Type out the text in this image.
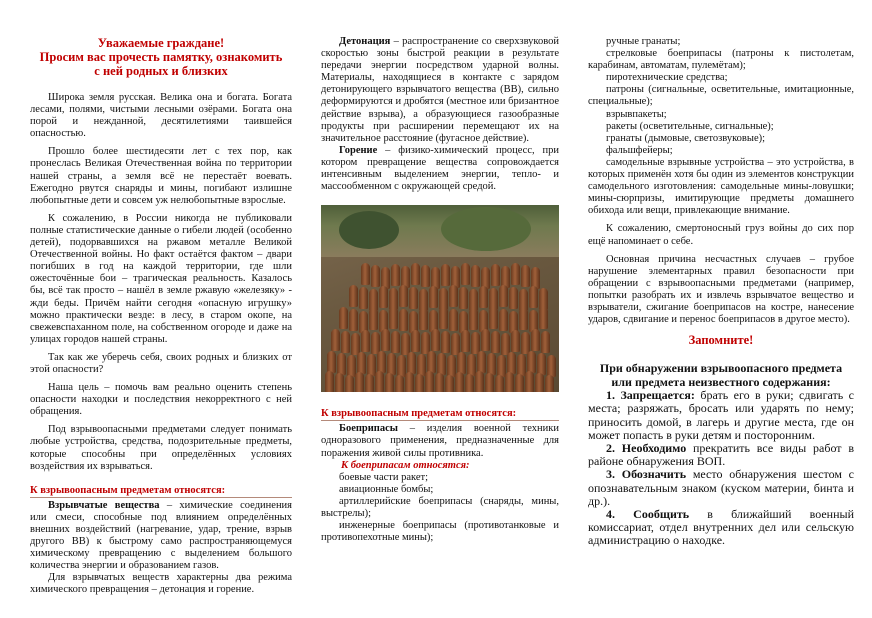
Уважаемые граждане!

Просим вас прочесть памятку, ознакомить

с ней родных и близких

Широка земля русская. Велика она и богата. Богата лесами, полями, чистыми лесными озёрами. Богата она порой и нежданной, десятилетиями таившейся опасностью.

Прошло более шестидесяти лет с тех пор, как пронеслась Великая Отечественная война по территории нашей страны, а земля всё не перестаёт воевать. Ежегодно рвутся снаряды и мины, погибают излишне любопытные дети и совсем уж нелюбопытные взрослые.

К сожалению, в России никогда не публиковали полные статистические данные о гибели людей (особенно детей), подорвавшихся на ржавом металле Великой Отечественной войны. Но факт остаётся фактом – двари погибших в год на каждой территории, где шли ожесточённые бои – трагическая реальность. Казалось бы, всё так просто – нашёл в земле ржавую «железяку» - жди беды. Причём найти сегодня «опасную игрушку» можно практически везде: в лесу, в старом окопе, на свежевспаханном поле, на собственном огороде и даже на улицах городов нашей страны.

Так как же уберечь себя, своих родных и близких от этой опасности?

Наша цель – помочь вам реально оценить степень опасности находки и последствия некорректного с ней обращения.

Под взрывоопасными предметами следует понимать любые устройства, средства, подозрительные предметы, которые способны при определённых условиях воздействия их взрываться.

К взрывоопасным предметам относятся:

Взрывчатые вещества – химические соединения или смеси, способные под влиянием определённых внешних воздействий (нагревание, удар, трение, взрыв другого ВВ) к быстрому само распространяющемуся химическому превращению с выделением большого количества энергии и образованием газов.

Для взрывчатых веществ характерны два режима химического превращения – детонация и горение.

Детонация – распространение со сверхзвуковой скоростью зоны быстрой реакции в результате передачи энергии посредством ударной волны. Материалы, находящиеся в контакте с зарядом детонирующего взрывчатого вещества (ВВ), сильно деформируются и дробятся (местное или бризантное действие взрыва), а образующиеся газообразные продукты при расширении перемещают их на значительное расстояние (фугасное действие).

Горение – физико-химический процесс, при котором превращение вещества сопровождается интенсивным выделением энергии, тепло- и массообменном с окружающей средой.

К взрывоопасным предметам относятся:

Боеприпасы – изделия военной техники одноразового применения, предназначенные для поражения живой силы противника.

К боеприпасам относятся:

боевые части ракет;

авиационные бомбы;

артиллерийские боеприпасы (снаряды, мины, выстрелы);

инженерные боеприпасы (противотанковые и противопехотные мины);

ручные гранаты;

стрелковые боеприпасы (патроны к пистолетам, карабинам, автоматам, пулемётам);

пиротехнические средства;

патроны (сигнальные, осветительные, имитационные, специальные);

взрывпакеты;

ракеты (осветительные, сигнальные);

гранаты (дымовые, светозвуковые);

фальшфейеры;

самодельные взрывные устройства – это устройства, в которых применён хотя бы один из элементов конструкции самодельного изготовления: самодельные мины-ловушки; мины-сюрпризы, имитирующие предметы домашнего обихода или вещи, привлекающие внимание.

К сожалению, смертоносный груз войны до сих пор ещё напоминает о себе.

Основная причина несчастных случаев – грубое нарушение элементарных правил безопасности при обращении с взрывоопасными предметами (например, попытки разобрать их и извлечь взрывчатое вещество и взрыватели, сжигание боеприпасов на костре, нанесение ударов, сдвигание и перенос боеприпасов в другое место).

Запомните!
При обнаружении взрывоопасного предмета
или предмета неизвестного содержания:

1. Запрещается: брать его в руки; сдвигать с места; разряжать, бросать или ударять по нему; приносить домой, в лагерь и другие места, где он может попасть в руки детям и посторонним.

2. Необходимо прекратить все виды работ в районе обнаружения ВОП.

3. Обозначить место обнаружения шестом с опознавательным знаком (куском материи, бинта и др.).

4. Сообщить в ближайший военный комиссариат, отдел внутренних дел или сельскую администрацию о находке.
